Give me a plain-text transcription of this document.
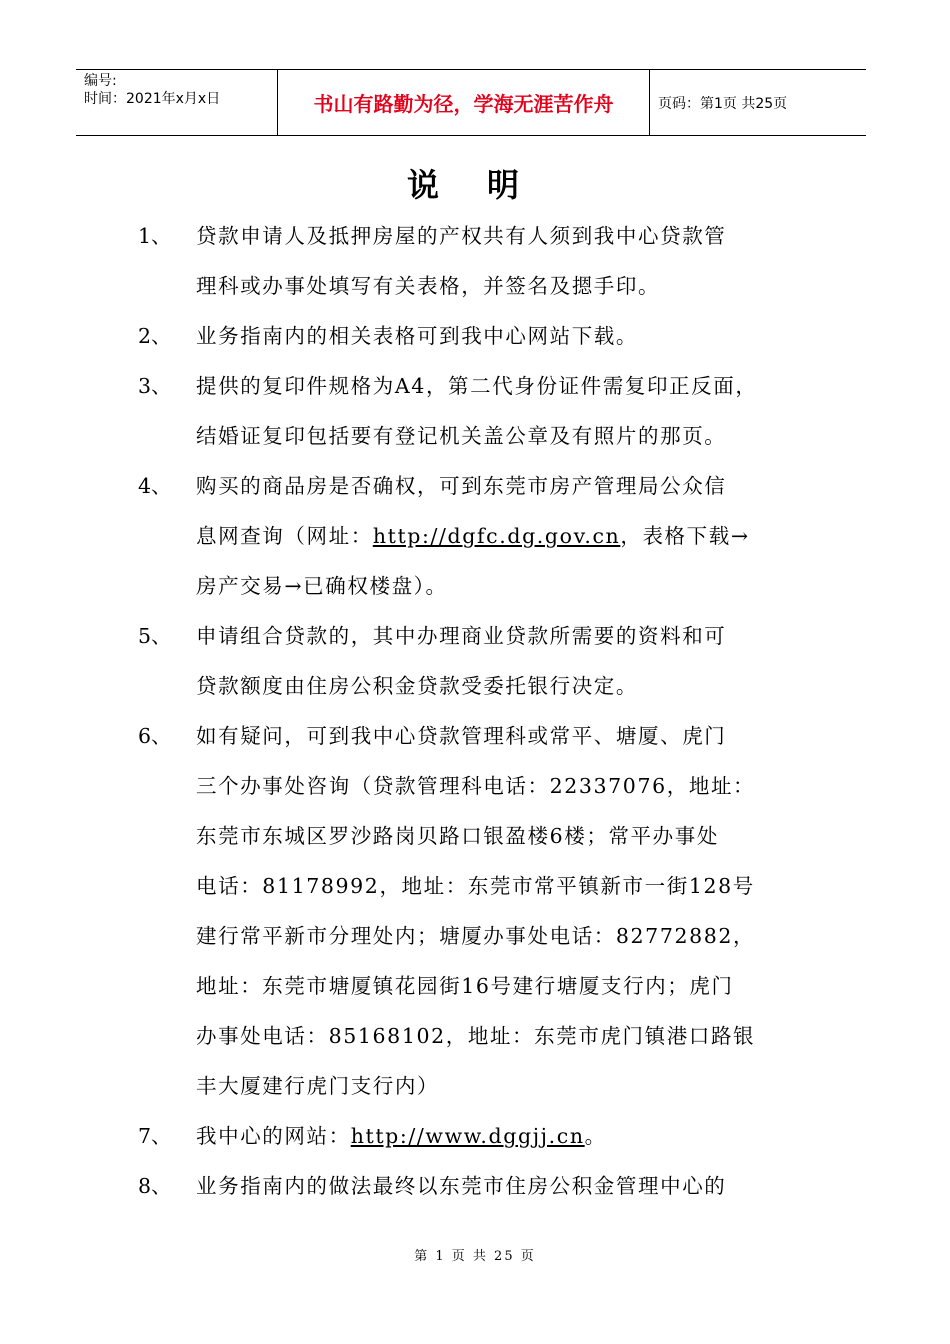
编号:
时间：2021年x月x日	书山有路勤为径，学海无涯苦作舟	页码：第1页 共25页
说明
1、	贷款申请人及抵押房屋的产权共有人须到我中心贷款管
理科或办事处填写有关表格，并签名及摁手印。
2、	业务指南内的相关表格可到我中心网站下载。
3、	提供的复印件规格为A4，第二代身份证件需复印正反面，
结婚证复印包括要有登记机关盖公章及有照片的那页。
4、	购买的商品房是否确权，可到东莞市房产管理局公众信
息网查询（网址：http://dgfc.dg.gov.cn，表格下载→
房产交易→已确权楼盘）。
5、	申请组合贷款的，其中办理商业贷款所需要的资料和可
贷款额度由住房公积金贷款受委托银行决定。
6、	如有疑问，可到我中心贷款管理科或常平、塘厦、虎门
三个办事处咨询（贷款管理科电话：22337076，地址：
东莞市东城区罗沙路岗贝路口银盈楼6楼；常平办事处
电话：81178992，地址：东莞市常平镇新市一街128号
建行常平新市分理处内；塘厦办事处电话：82772882，
地址：东莞市塘厦镇花园街16号建行塘厦支行内；虎门
办事处电话：85168102，地址：东莞市虎门镇港口路银
丰大厦建行虎门支行内）
7、	我中心的网站：http://www.dggjj.cn。
8、	业务指南内的做法最终以东莞市住房公积金管理中心的
第 1 页 共 25 页
